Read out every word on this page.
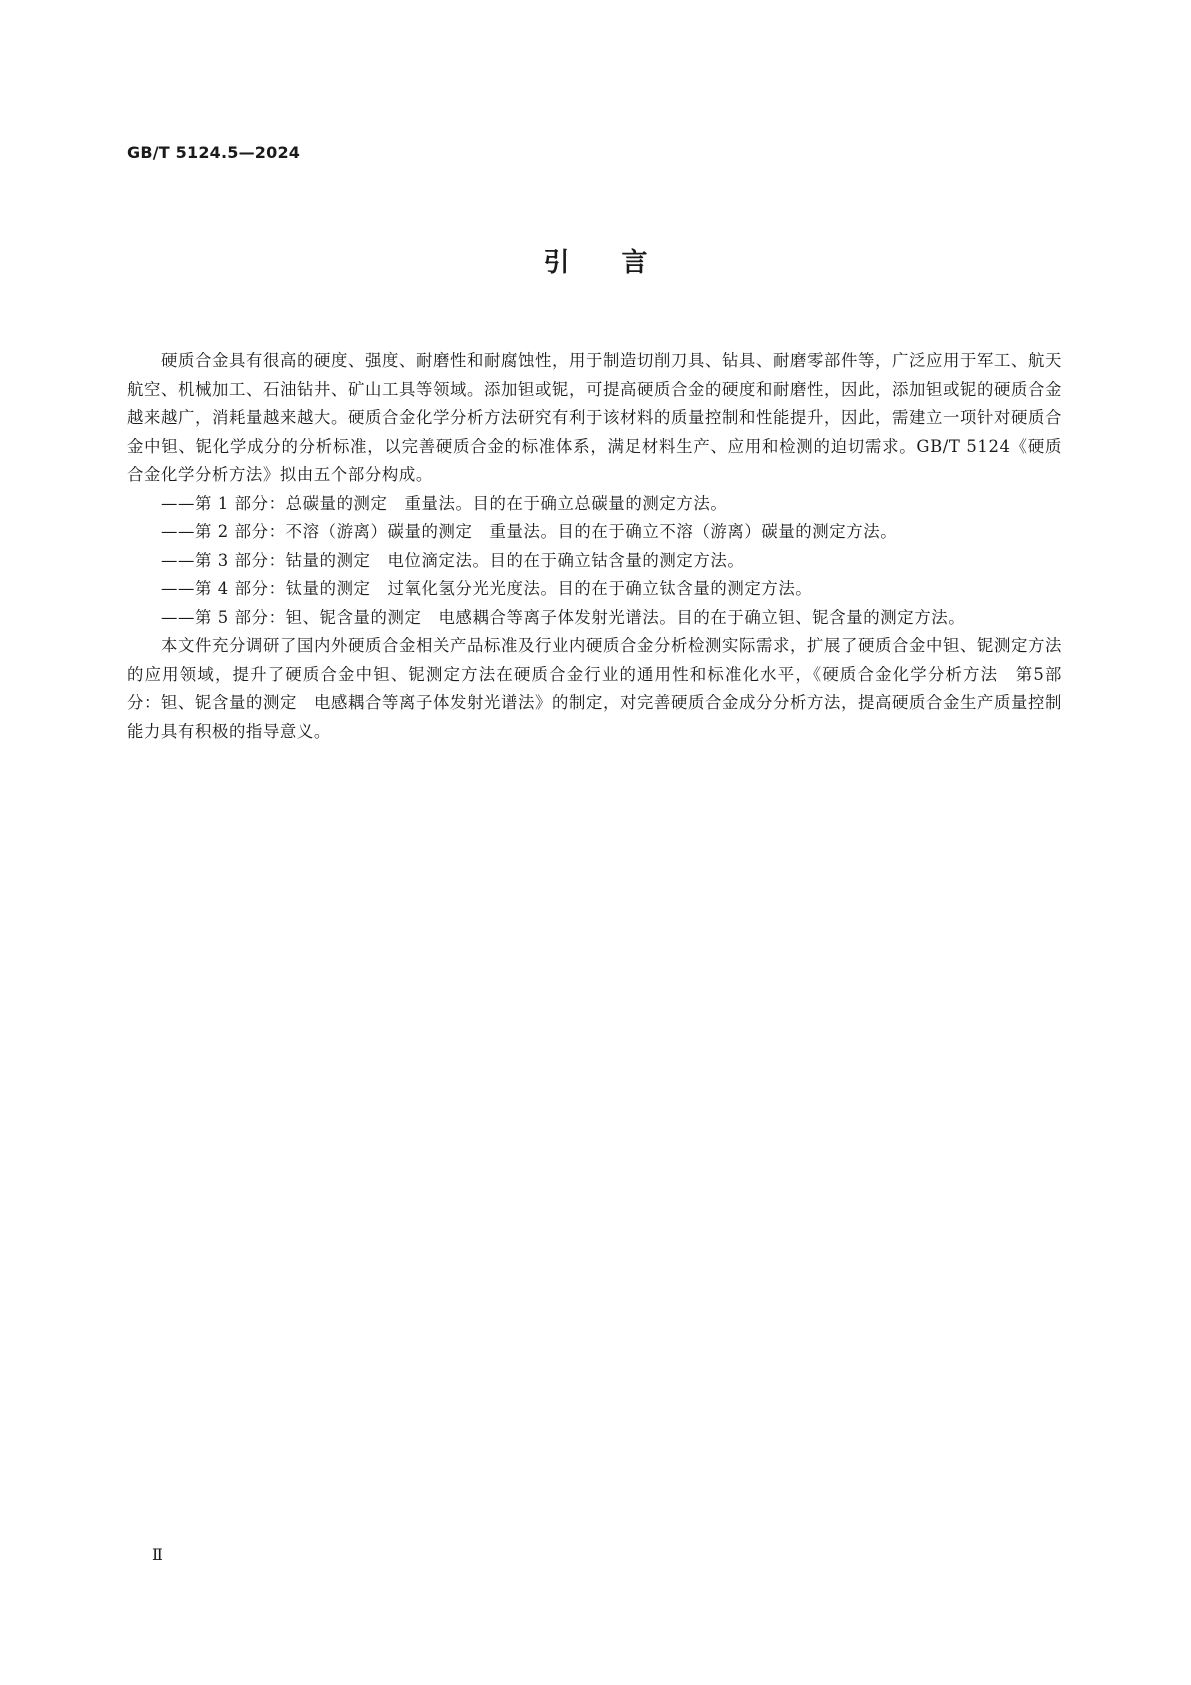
GB/T 5124.5—2024
引言

硬质合金具有很高的硬度、强度、耐磨性和耐腐蚀性，用于制造切削刀具、钻具、耐磨零部件等，广泛应用于军工、航天航空、机械加工、石油钻井、矿山工具等领域。添加钽或铌，可提高硬质合金的硬度和耐磨性，因此，添加钽或铌的硬质合金越来越广，消耗量越来越大。硬质合金化学分析方法研究有利于该材料的质量控制和性能提升，因此，需建立一项针对硬质合金中钽、铌化学成分的分析标准，以完善硬质合金的标准体系，满足材料生产、应用和检测的迫切需求。GB/T 5124《硬质合金化学分析方法》拟由五个部分构成。

——第 1 部分：总碳量的测定　重量法。目的在于确立总碳量的测定方法。

——第 2 部分：不溶（游离）碳量的测定　重量法。目的在于确立不溶（游离）碳量的测定方法。

——第 3 部分：钴量的测定　电位滴定法。目的在于确立钴含量的测定方法。

——第 4 部分：钛量的测定　过氧化氢分光光度法。目的在于确立钛含量的测定方法。

——第 5 部分：钽、铌含量的测定　电感耦合等离子体发射光谱法。目的在于确立钽、铌含量的测定方法。

本文件充分调研了国内外硬质合金相关产品标准及行业内硬质合金分析检测实际需求，扩展了硬质合金中钽、铌测定方法的应用领域，提升了硬质合金中钽、铌测定方法在硬质合金行业的通用性和标准化水平，《硬质合金化学分析方法　第5部分：钽、铌含量的测定　电感耦合等离子体发射光谱法》的制定，对完善硬质合金成分分析方法，提高硬质合金生产质量控制能力具有积极的指导意义。

Ⅱ
